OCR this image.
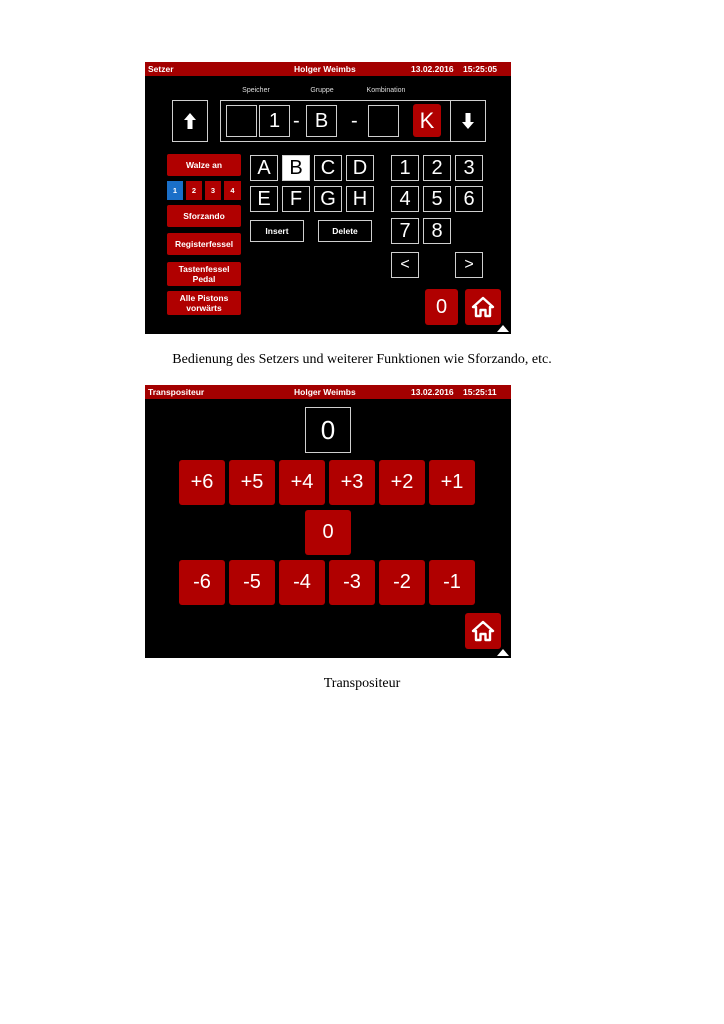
Setzer	Holger Weimbs	13.02.2016 15:25:05
Speicher	Gruppe	Kombination
1 - B	-	K
Walze an
1	2	3	4
Sforzando
Registerfessel
Tastenfessel Pedal
Alle Pistons vorwärts
A B C D
E F G H
Insert	Delete
1	2	3
4	5	6
7	8
<	>
0
Bedienung des Setzers und weiterer Funktionen wie Sforzando, etc.
Transpositeur	Holger Weimbs	13.02.2016 15:25:11
0
+6	+5	+4	+3	+2	+1
0
-6	-5	-4	-3	-2	-1
Transpositeur
